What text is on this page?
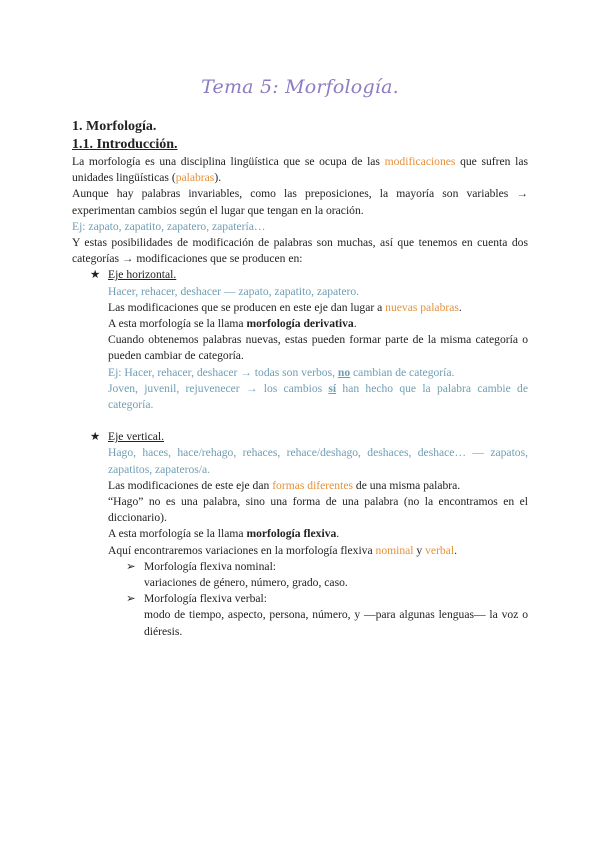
Tema 5: Morfología.
1. Morfología.
1.1. Introducción.

La morfología es una disciplina lingüística que se ocupa de las modificaciones que sufren las unidades lingüísticas (palabras).

Aunque hay palabras invariables, como las preposiciones, la mayoría son variables → experimentan cambios según el lugar que tengan en la oración.

Ej: zapato, zapatito, zapatero, zapatería…

Y estas posibilidades de modificación de palabras son muchas, así que tenemos en cuenta dos categorías → modificaciones que se producen en:

★ Eje horizontal.

Hacer, rehacer, deshacer — zapato, zapatito, zapatero.

Las modificaciones que se producen en este eje dan lugar a nuevas palabras.

A esta morfología se la llama morfología derivativa.

Cuando obtenemos palabras nuevas, estas pueden formar parte de la misma categoría o pueden cambiar de categoría.

Ej: Hacer, rehacer, deshacer → todas son verbos, no cambian de categoría.

Joven, juvenil, rejuvenecer → los cambios sí han hecho que la palabra cambie de categoría.

★ Eje vertical.

Hago, haces, hace/rehago, rehaces, rehace/deshago, deshaces, deshace… — zapatos, zapatitos, zapateros/a.

Las modificaciones de este eje dan formas diferentes de una misma palabra.

“Hago” no es una palabra, sino una forma de una palabra (no la encontramos en el diccionario).

A esta morfología se la llama morfología flexiva.

Aquí encontraremos variaciones en la morfología flexiva nominal y verbal.

➢ Morfología flexiva nominal:

variaciones de género, número, grado, caso.

➢ Morfología flexiva verbal:

modo de tiempo, aspecto, persona, número, y —para algunas lenguas— la voz o diéresis.
